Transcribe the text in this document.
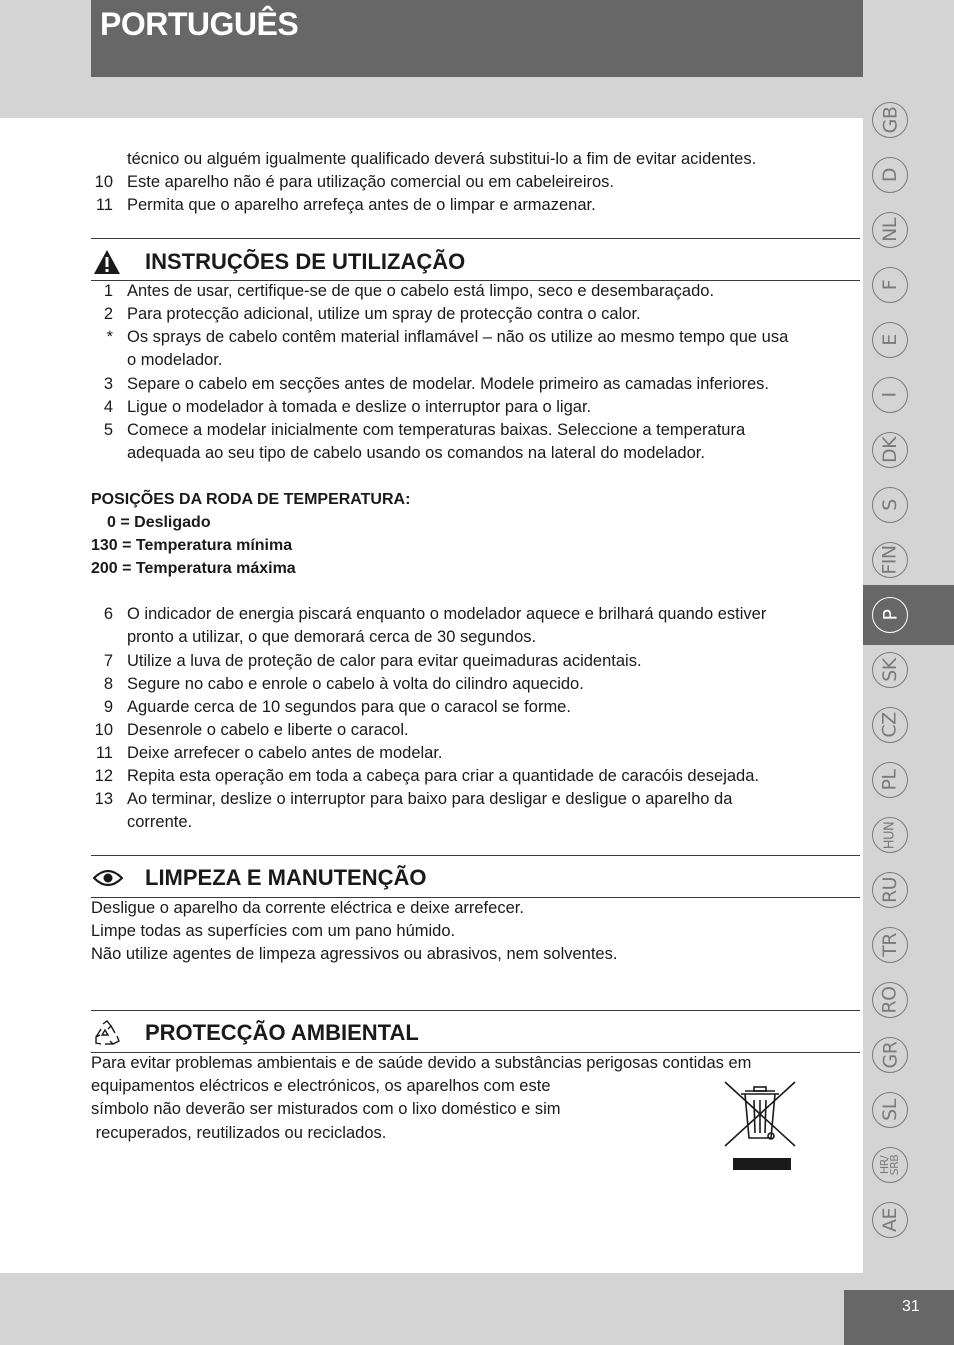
PORTUGUÊS
técnico ou alguém igualmente qualificado deverá substitui-lo a fim de evitar acidentes.
10 Este aparelho não é para utilização comercial ou em cabeleireiros.
11 Permita que o aparelho arrefeça antes de o limpar e armazenar.
INSTRUÇÕES DE UTILIZAÇÃO
1 Antes de usar, certifique-se de que o cabelo está limpo, seco e desembaraçado.
2 Para protecção adicional, utilize um spray de protecção contra o calor.
* Os sprays de cabelo contêm material inflamável – não os utilize ao mesmo tempo que usa
o modelador.
3 Separe o cabelo em secções antes de modelar. Modele primeiro as camadas inferiores.
4 Ligue o modelador à tomada e deslize o interruptor para o ligar.
5 Comece a modelar inicialmente com temperaturas baixas. Seleccione a temperatura
adequada ao seu tipo de cabelo usando os comandos na lateral do modelador.
POSIÇÕES DA RODA DE TEMPERATURA:
0 = Desligado
130 = Temperatura mínima
200 = Temperatura máxima
6 O indicador de energia piscará enquanto o modelador aquece e brilhará quando estiver
pronto a utilizar, o que demorará cerca de 30 segundos.
7 Utilize a luva de proteção de calor para evitar queimaduras acidentais.
8 Segure no cabo e enrole o cabelo à volta do cilindro aquecido.
9 Aguarde cerca de 10 segundos para que o caracol se forme.
10 Desenrole o cabelo e liberte o caracol.
11 Deixe arrefecer o cabelo antes de modelar.
12 Repita esta operação em toda a cabeça para criar a quantidade de caracóis desejada.
13 Ao terminar, deslize o interruptor para baixo para desligar e desligue o aparelho da
corrente.
LIMPEZA E MANUTENÇÃO
Desligue o aparelho da corrente eléctrica e deixe arrefecer.
Limpe todas as superfícies com um pano húmido.
Não utilize agentes de limpeza agressivos ou abrasivos, nem solventes.
PROTECÇÃO AMBIENTAL
Para evitar problemas ambientais e de saúde devido a substâncias perigosas contidas em
equipamentos eléctricos e electrónicos, os aparelhos com este
símbolo não deverão ser misturados com o lixo doméstico e sim
recuperados, reutilizados ou reciclados.
GB
D
NL
F
E
I
DK
S
FIN
P
SK
CZ
PL
HUN
RU
TR
RO
GR
SL
HR/ SRB
AE
31
